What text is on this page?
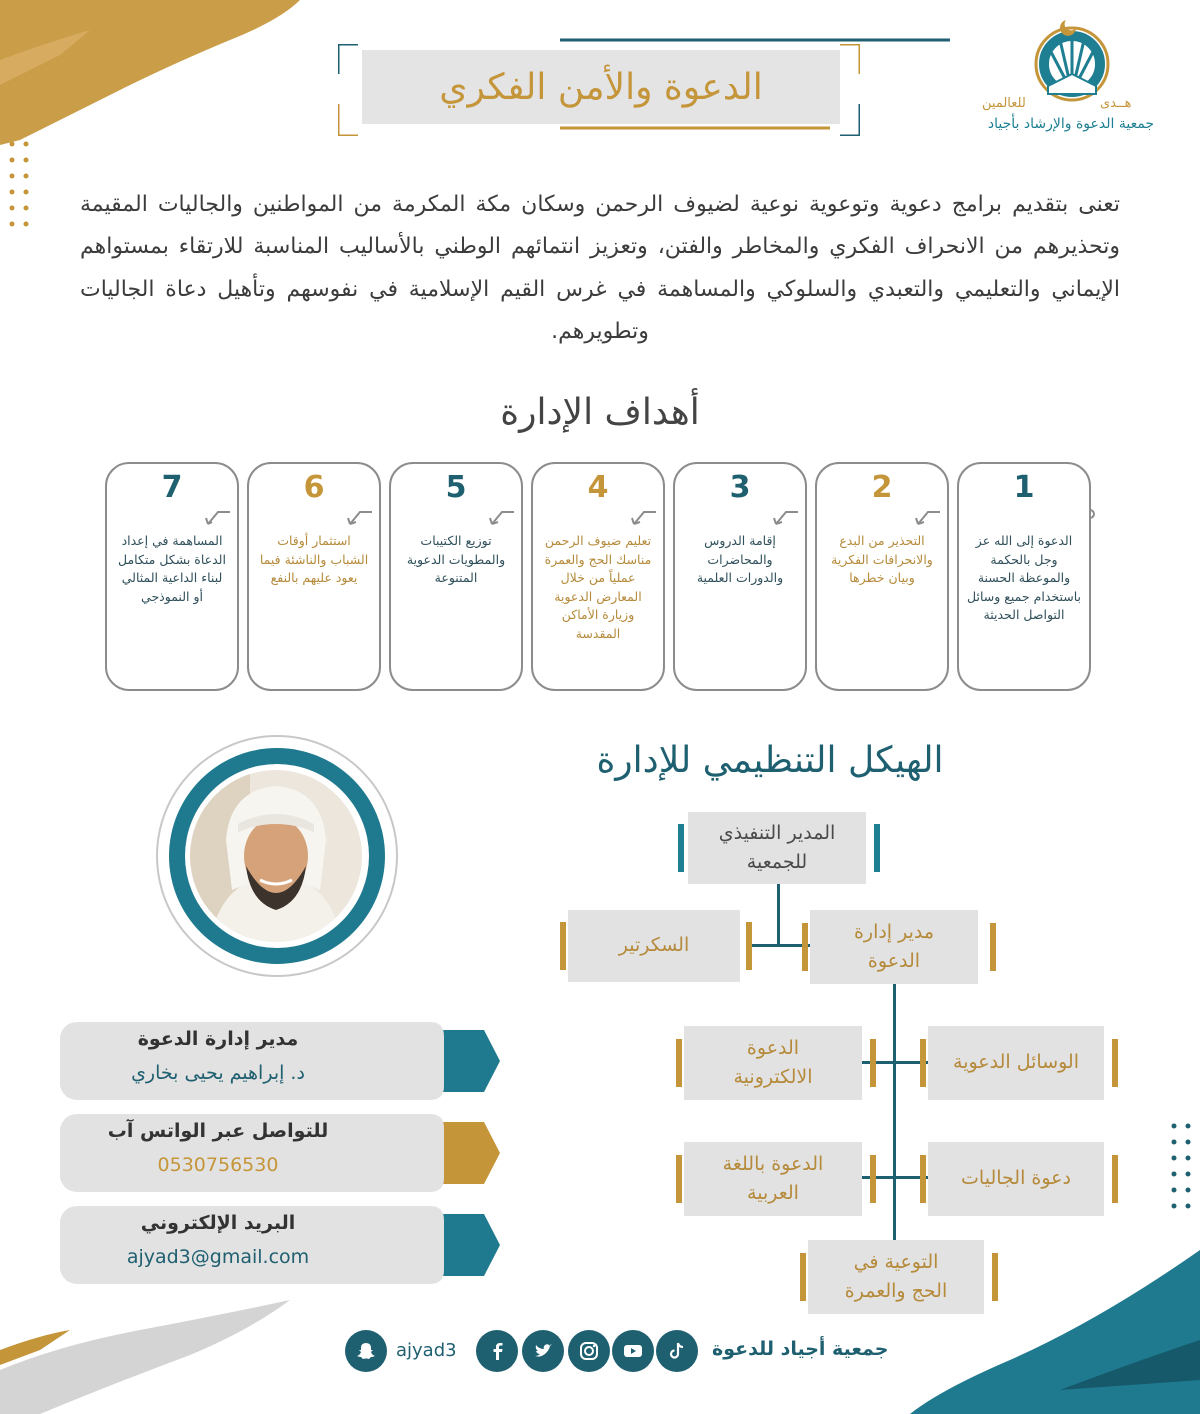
الدعوة والأمن الفكري	هــدى
للعالمين
جمعية الدعوة والإرشاد بأجياد

تعنى بتقديم برامج دعوية وتوعوية نوعية لضيوف الرحمن وسكان مكة المكرمة من المواطنين والجاليات المقيمة وتحذيرهم من الانحراف الفكري والمخاطر والفتن، وتعزيز انتمائهم الوطني بالأساليب المناسبة للارتقاء بمستواهم الإيماني والتعليمي والتعبدي والسلوكي والمساهمة في غرس القيم الإسلامية في نفوسهم وتأهيل دعاة الجاليات وتطويرهم.

أهداف الإدارة
1
الدعوة إلى الله عز وجل بالحكمة والموعظة الحسنة باستخدام جميع وسائل التواصل الحديثة
2
التحذير من البدع والانحرافات الفكرية وبيان خطرها
3
إقامة الدروس والمحاضرات والدورات العلمية
4
تعليم ضيوف الرحمن مناسك الحج والعمرة عملياً من خلال المعارض الدعوية وزيارة الأماكن المقدسة
5
توزيع الكتيبات والمطويات الدعوية المتنوعة
6
استثمار أوقات الشباب والناشئة فيما يعود عليهم بالنفع
7
المساهمة في إعداد الدعاة بشكل متكامل لبناء الداعية المثالي أو النموذجي
الهيكل التنظيمي للإدارة
المدير التنفيذي للجمعية
السكرتير
مدير إدارة الدعوة
الوسائل الدعوية
الدعوة الالكترونية
دعوة الجاليات
الدعوة باللغة العربية
التوعية في الحج والعمرة
مدير إدارة الدعوة
د. إبراهيم يحيى بخاري
للتواصل عبر الواتس آب
0530756530
البريد الإلكتروني
ajyad3@gmail.com
جمعية أجياد للدعوة
ajyad3
